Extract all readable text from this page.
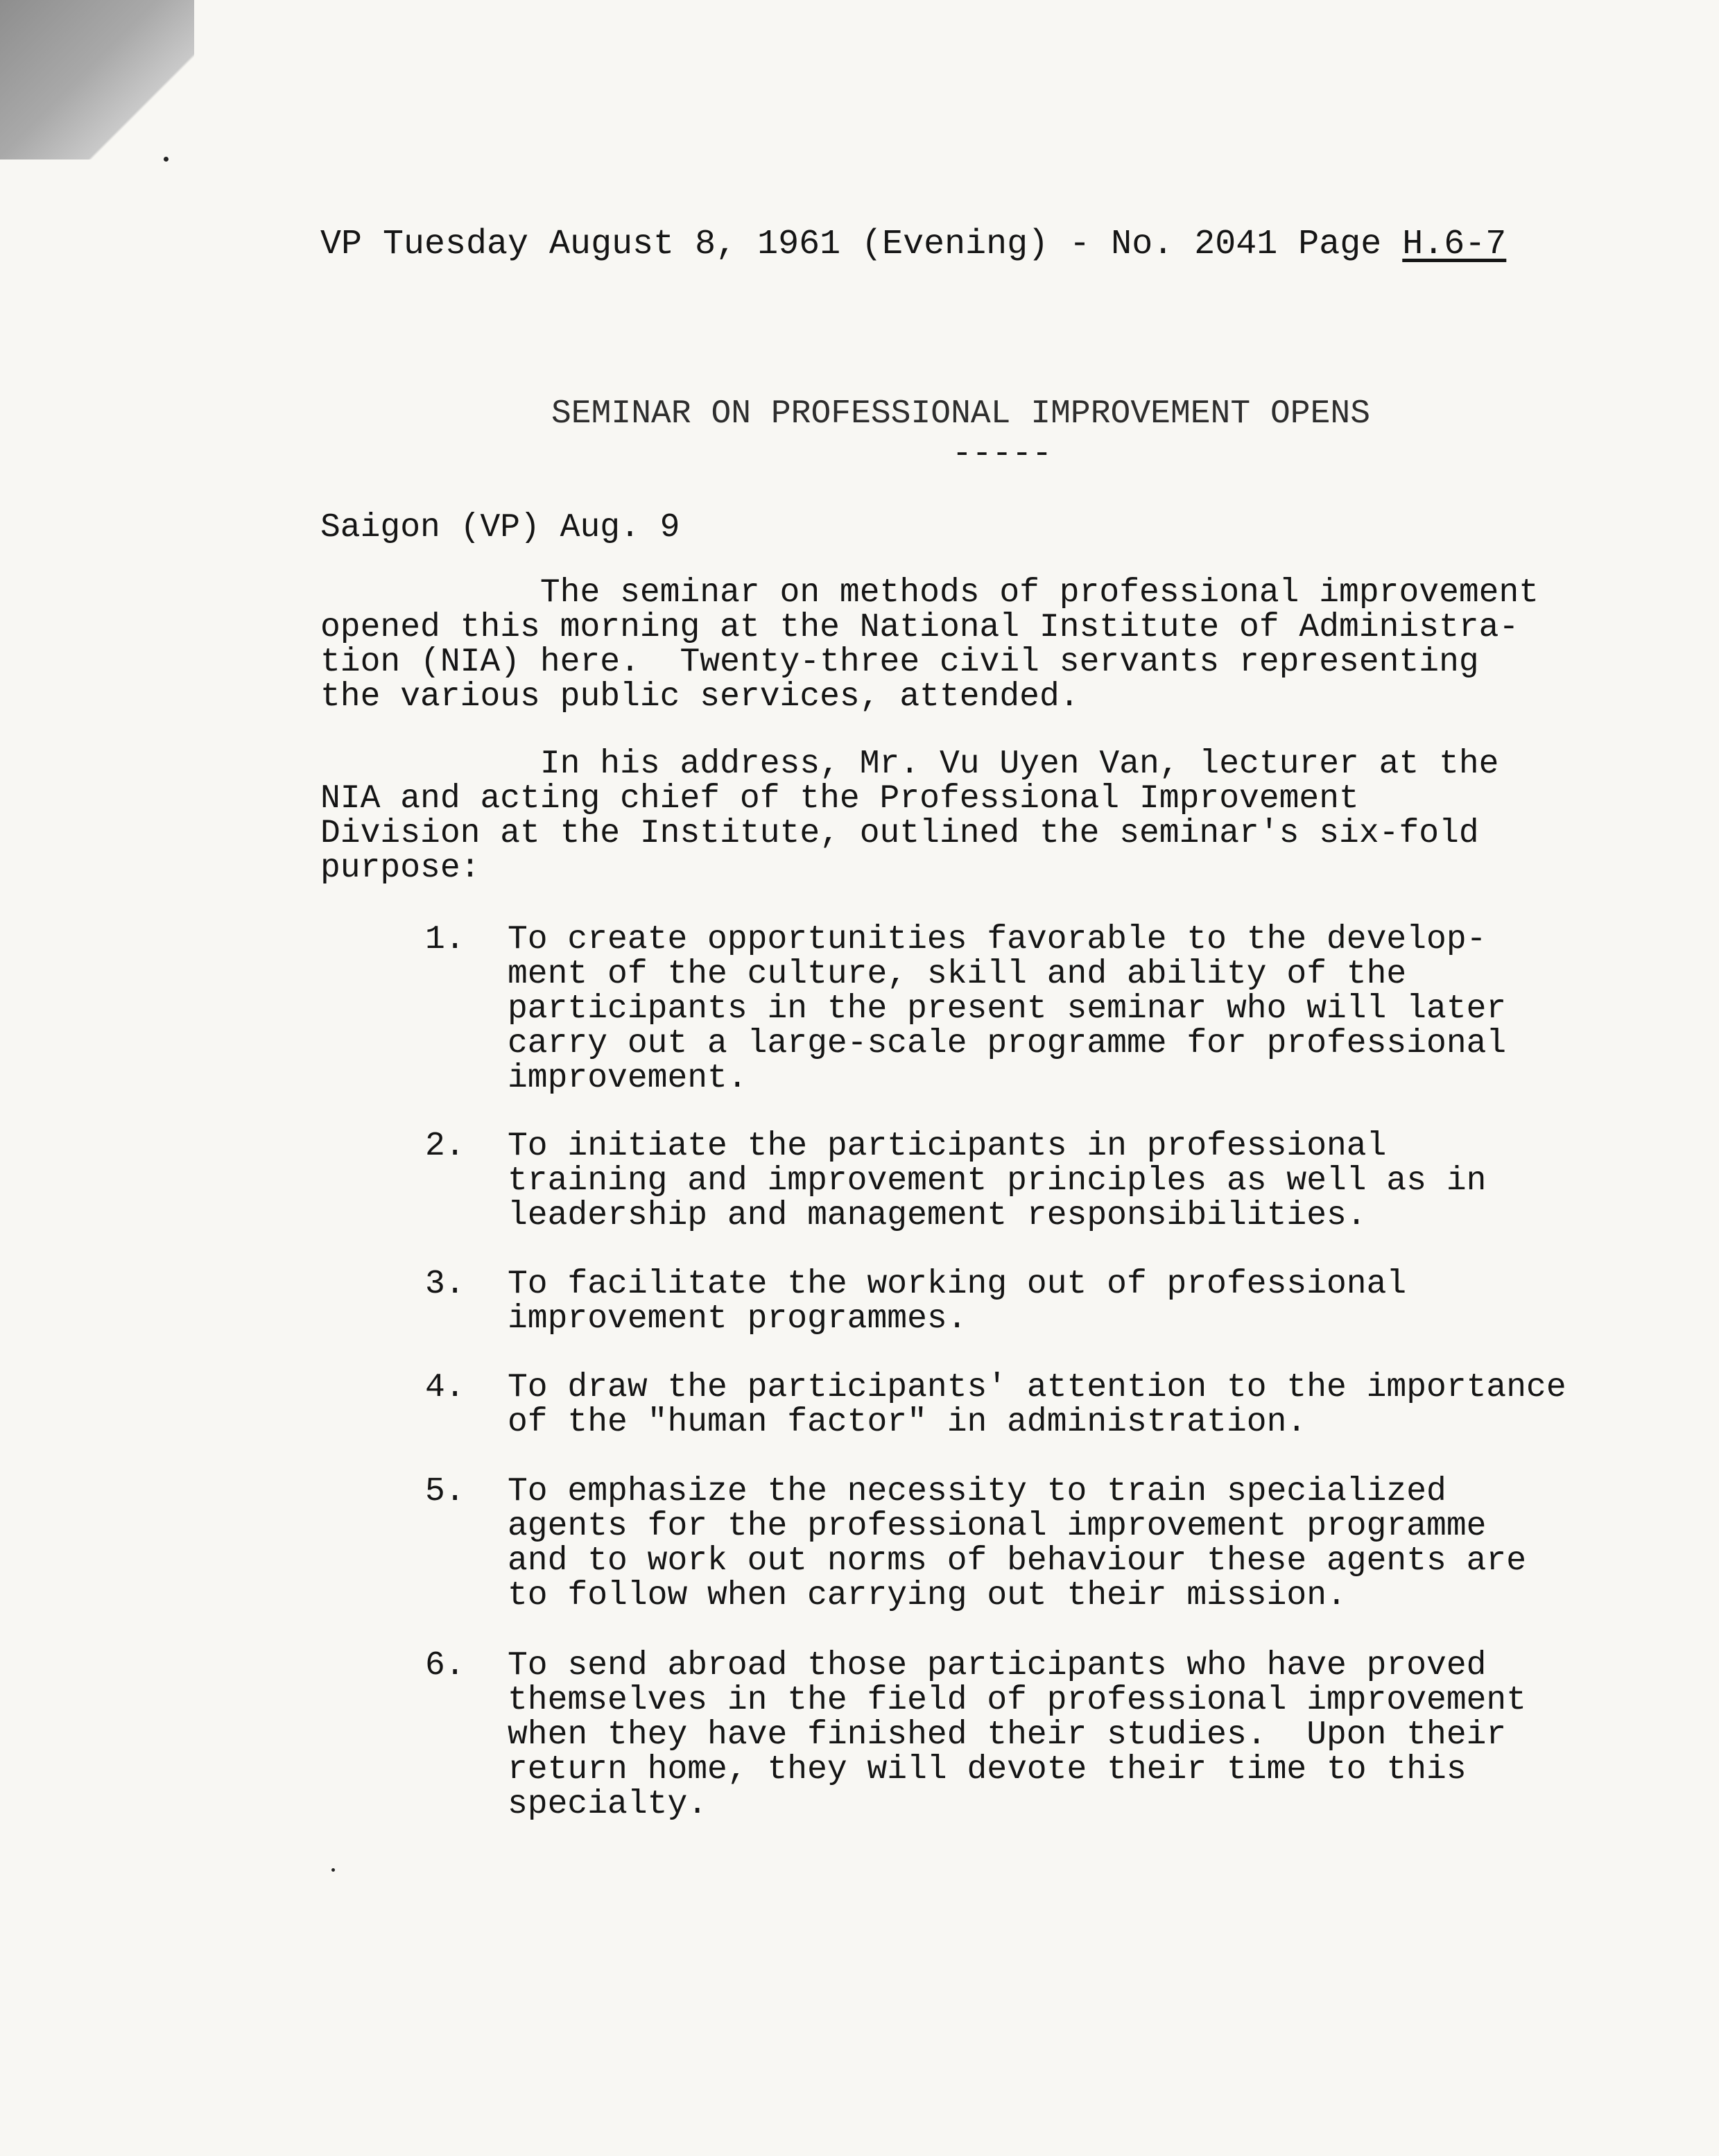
VP Tuesday August 8, 1961 (Evening) - No. 2041 Page H.6-7
SEMINAR ON PROFESSIONAL IMPROVEMENT OPENS
-----
Saigon (VP) Aug. 9
The seminar on methods of professional improvement
opened this morning at the National Institute of Administra-
tion (NIA) here.  Twenty-three civil servants representing
the various public services, attended.
In his address, Mr. Vu Uyen Van, lecturer at the
NIA and acting chief of the Professional Improvement
Division at the Institute, outlined the seminar's six-fold
purpose:
1. To create opportunities favorable to the develop-
ment of the culture, skill and ability of the
participants in the present seminar who will later
carry out a large-scale programme for professional
improvement.
2. To initiate the participants in professional
training and improvement principles as well as in
leadership and management responsibilities.
3. To facilitate the working out of professional
improvement programmes.
4. To draw the participants' attention to the importance
of the "human factor" in administration.
5. To emphasize the necessity to train specialized
agents for the professional improvement programme
and to work out norms of behaviour these agents are
to follow when carrying out their mission.
6. To send abroad those participants who have proved
themselves in the field of professional improvement
when they have finished their studies.  Upon their
return home, they will devote their time to this
specialty.
